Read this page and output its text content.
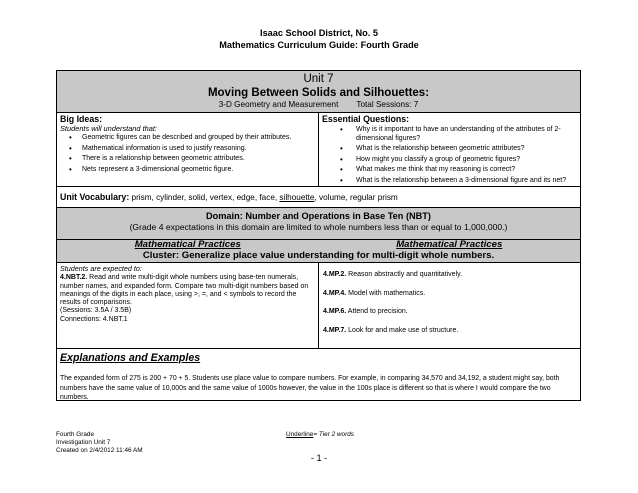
Isaac School District, No. 5
Mathematics Curriculum Guide: Fourth Grade
Unit 7
Moving Between Solids and Silhouettes:
3-D Geometry and Measurement Total Sessions: 7
Big Ideas:
Students will understand that:
• Geometric figures can be described and grouped by their attributes.
• Mathematical information is used to justify reasoning.
• There is a relationship between geometric attributes.
• Nets represent a 3-dimensional geometric figure.
Essential Questions:
• Why is it important to have an understanding of the attributes of 2-dimensional figures?
• What is the relationship between geometric attributes?
• How might you classify a group of geometric figures?
• What makes me think that my reasoning is correct?
• What is the relationship between a 3-dimensional figure and its net?
Unit Vocabulary: prism, cylinder, solid, vertex, edge, face, silhouette, volume, regular prism
Domain: Number and Operations in Base Ten (NBT)
(Grade 4 expectations in this domain are limited to whole numbers less than or equal to 1,000,000.)
Mathematical Practices	Mathematical Practices
Cluster: Generalize place value understanding for multi-digit whole numbers.
Students are expected to:
4.NBT.2. Read and write multi-digit whole numbers using base-ten numerals, number names, and expanded form. Compare two multi-digit numbers based on meanings of the digits in each place, using >, =, and < symbols to record the results of comparisons.
(Sessions: 3.5A / 3.5B)
Connections: 4.NBT.1
4.MP.2. Reason abstractly and quantitatively.
4.MP.4. Model with mathematics.
4.MP.6. Attend to precision.
4.MP.7. Look for and make use of structure.
Explanations and Examples
The expanded form of 275 is 200 + 70 + 5. Students use place value to compare numbers. For example, in comparing 34,570 and 34,192, a student might say, both numbers have the same value of 10,000s and the same value of 1000s however, the value in the 100s place is different so that is where I would compare the two numbers.
Fourth Grade
Investigation Unit 7
Created on 2/4/2012 11:46 AM
Underline= Tier 2 words
- 1 -
